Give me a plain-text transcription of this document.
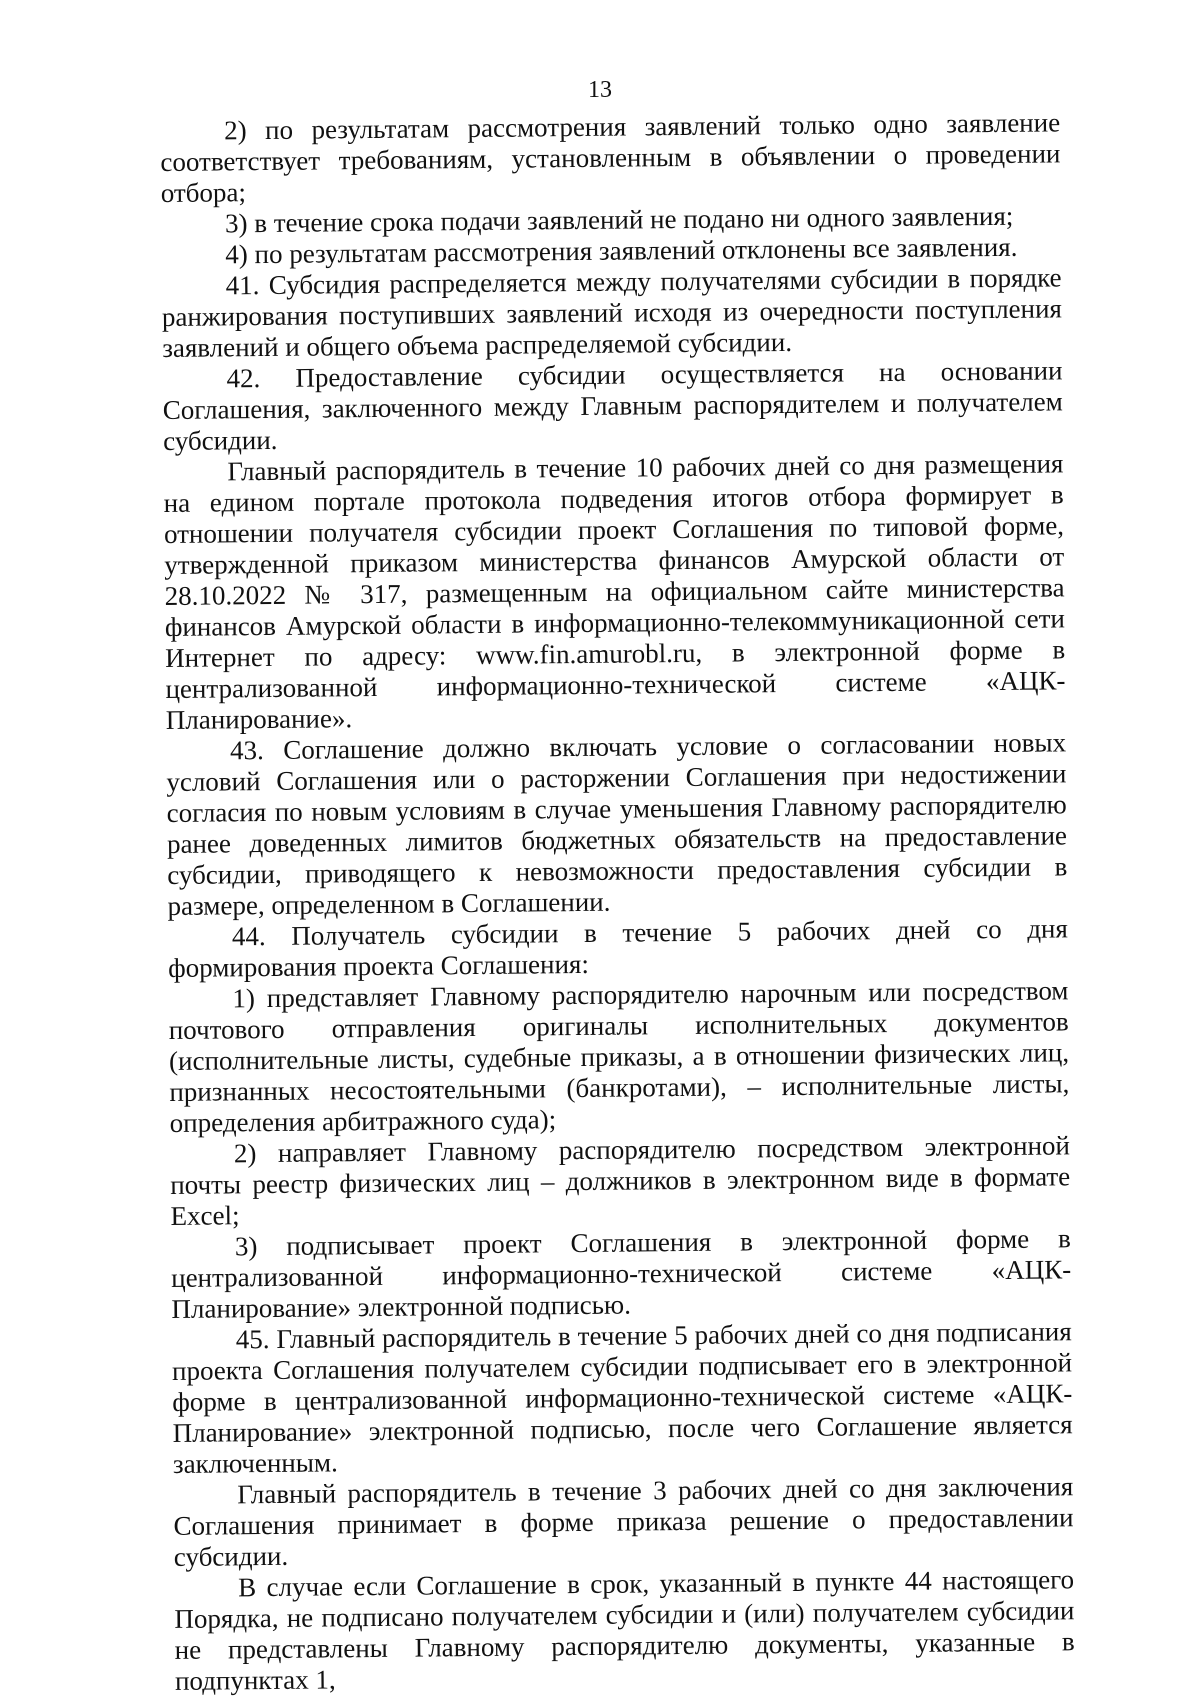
13

2) по результатам рассмотрения заявлений только одно заявление соответствует требованиям, установленным в объявлении о проведении отбора;

3) в течение срока подачи заявлений не подано ни одного заявления;

4) по результатам рассмотрения заявлений отклонены все заявления.

41. Субсидия распределяется между получателями субсидии в порядке ранжирования поступивших заявлений исходя из очередности поступления заявлений и общего объема распределяемой субсидии.

42. Предоставление субсидии осуществляется на основании Соглашения, заключенного между Главным распорядителем и получателем субсидии.

Главный распорядитель в течение 10 рабочих дней со дня размещения на едином портале протокола подведения итогов отбора формирует в отношении получателя субсидии проект Соглашения по типовой форме, утвержденной приказом министерства финансов Амурской области от 28.10.2022 № 317, размещенным на официальном сайте министерства финансов Амурской области в информационно-телекоммуникационной сети Интернет по адресу: www.fin.amurobl.ru, в электронной форме в централизованной информационно-технической системе «АЦК-Планирование».

43. Соглашение должно включать условие о согласовании новых условий Соглашения или о расторжении Соглашения при недостижении согласия по новым условиям в случае уменьшения Главному распорядителю ранее доведенных лимитов бюджетных обязательств на предоставление субсидии, приводящего к невозможности предоставления субсидии в размере, определенном в Соглашении.

44. Получатель субсидии в течение 5 рабочих дней со дня формирования проекта Соглашения:

1) представляет Главному распорядителю нарочным или посредством почтового отправления оригиналы исполнительных документов (исполнительные листы, судебные приказы, а в отношении физических лиц, признанных несостоятельными (банкротами), – исполнительные листы, определения арбитражного суда);

2) направляет Главному распорядителю посредством электронной почты реестр физических лиц – должников в электронном виде в формате Excel;

3) подписывает проект Соглашения в электронной форме в централизованной информационно-технической системе «АЦК-Планирование» электронной подписью.

45. Главный распорядитель в течение 5 рабочих дней со дня подписания проекта Соглашения получателем субсидии подписывает его в электронной форме в централизованной информационно-технической системе «АЦК-Планирование» электронной подписью, после чего Соглашение является заключенным.

Главный распорядитель в течение 3 рабочих дней со дня заключения Соглашения принимает в форме приказа решение о предоставлении субсидии.

В случае если Соглашение в срок, указанный в пункте 44 настоящего Порядка, не подписано получателем субсидии и (или) получателем субсидии не представлены Главному распорядителю документы, указанные в подпунктах 1,
